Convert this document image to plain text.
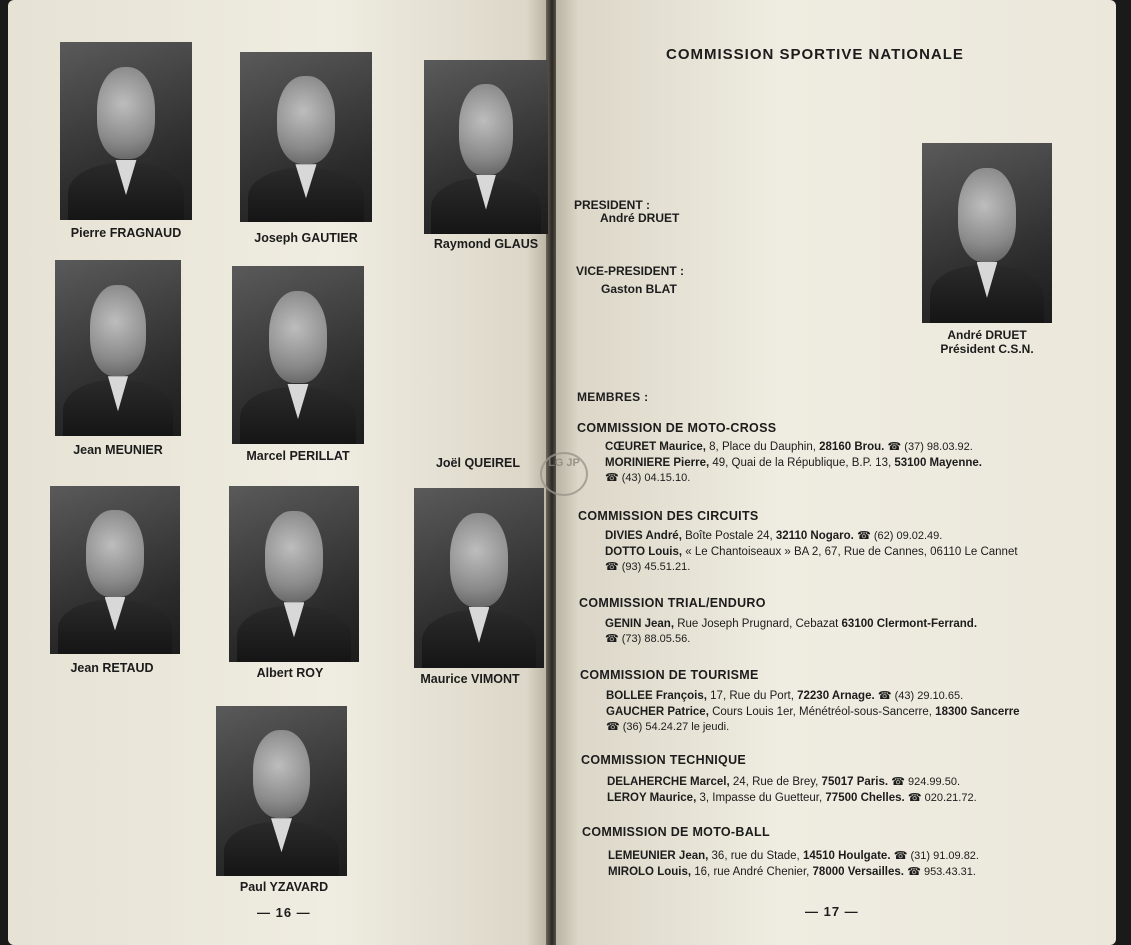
Pierre FRAGNAUD	Joseph GAUTIER	Raymond GLAUS
Jean MEUNIER	Marcel PERILLAT	Joël QUEIREL
Jean RETAUD	Albert ROY	Maurice VIMONT
Paul YZAVARD
— 16 —
LG JP
COMMISSION SPORTIVE NATIONALE
PRESIDENT :
André DRUET
VICE-PRESIDENT :
Gaston BLAT
André DRUET
Président C.S.N.
MEMBRES :
COMMISSION DE MOTO-CROSS
CŒURET Maurice, 8, Place du Dauphin, 28160 Brou. ☎ (37) 98.03.92.
MORINIERE Pierre, 49, Quai de la République, B.P. 13, 53100 Mayenne.
☎ (43) 04.15.10.
COMMISSION DES CIRCUITS
DIVIES André, Boîte Postale 24, 32110 Nogaro. ☎ (62) 09.02.49.
DOTTO Louis, « Le Chantoiseaux » BA 2, 67, Rue de Cannes, 06110 Le Cannet
☎ (93) 45.51.21.
COMMISSION TRIAL/ENDURO
GENIN Jean, Rue Joseph Prugnard, Cebazat 63100 Clermont-Ferrand.
☎ (73) 88.05.56.
COMMISSION DE TOURISME
BOLLEE François, 17, Rue du Port, 72230 Arnage. ☎ (43) 29.10.65.
GAUCHER Patrice, Cours Louis 1er, Ménétréol-sous-Sancerre, 18300 Sancerre
☎ (36) 54.24.27 le jeudi.
COMMISSION TECHNIQUE
DELAHERCHE Marcel, 24, Rue de Brey, 75017 Paris. ☎ 924.99.50.
LEROY Maurice, 3, Impasse du Guetteur, 77500 Chelles. ☎ 020.21.72.
COMMISSION DE MOTO-BALL
LEMEUNIER Jean, 36, rue du Stade, 14510 Houlgate. ☎ (31) 91.09.82.
MIROLO Louis, 16, rue André Chenier, 78000 Versailles. ☎ 953.43.31.
— 17 —
